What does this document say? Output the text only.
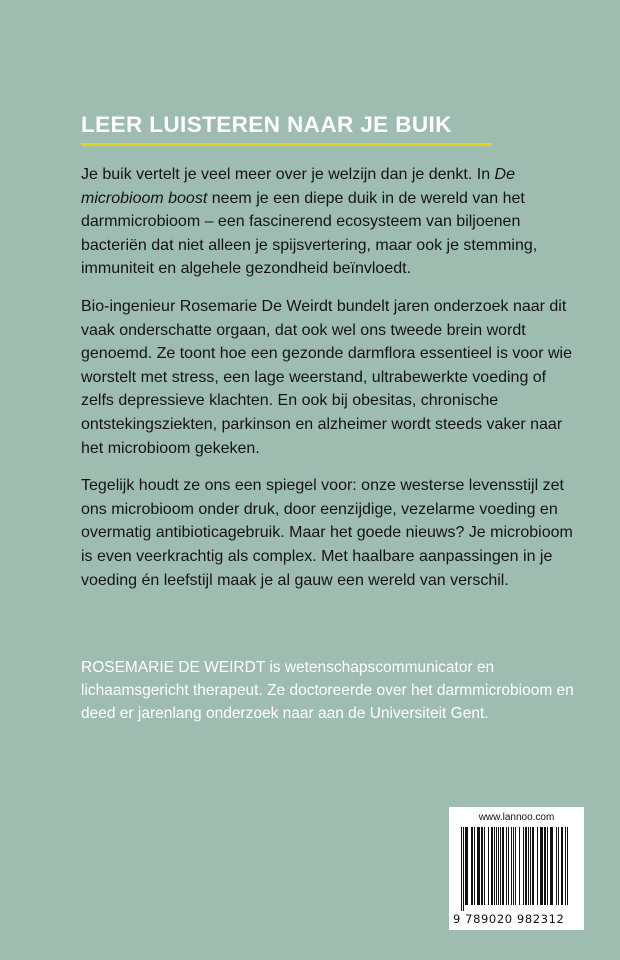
LEER LUISTEREN NAAR JE BUIK

Je buik vertelt je veel meer over je welzijn dan je denkt. In De microbioom boost neem je een diepe duik in de wereld van het darmmicrobioom – een fascinerend ecosysteem van biljoenen bacteriën dat niet alleen je spijsvertering, maar ook je stemming, immuniteit en algehele gezondheid beïnvloedt.

Bio-ingenieur Rosemarie De Weirdt bundelt jaren onderzoek naar dit vaak onderschatte orgaan, dat ook wel ons tweede brein wordt genoemd. Ze toont hoe een gezonde darmflora essentieel is voor wie worstelt met stress, een lage weerstand, ultrabewerkte voeding of zelfs depressieve klachten. En ook bij obesitas, chronische ontstekingsziekten, parkinson en alzheimer wordt steeds vaker naar het microbioom gekeken.

Tegelijk houdt ze ons een spiegel voor: onze westerse levensstijl zet ons microbioom onder druk, door eenzijdige, vezelarme voeding en overmatig antibioticagebruik. Maar het goede nieuws? Je microbioom is even veerkrachtig als complex. Met haalbare aanpassingen in je voeding én leefstijl maak je al gauw een wereld van verschil.

ROSEMARIE DE WEIRDT is wetenschapscommunicator en lichaamsgericht therapeut. Ze doctoreerde over het darmmicrobioom en deed er jarenlang onderzoek naar aan de Universiteit Gent.
www.lannoo.com
9 789020 982312
